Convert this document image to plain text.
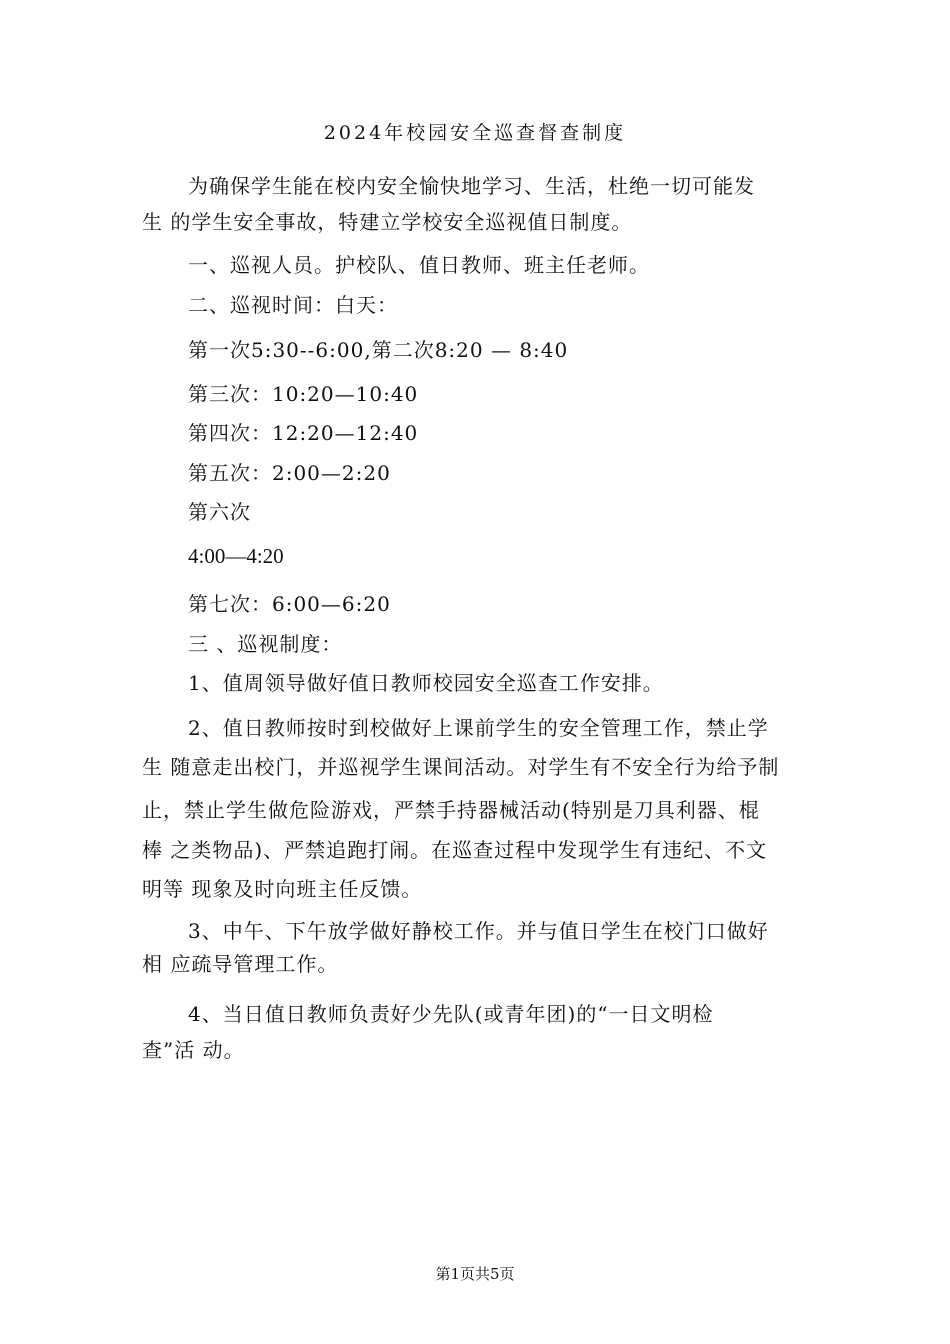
2024年校园安全巡查督查制度
为确保学生能在校内安全愉快地学习、生活，杜绝一切可能发
生 的学生安全事故，特建立学校安全巡视值日制度。
一、巡视人员。护校队、值日教师、班主任老师。
二、巡视时间：白天：
第一次5:30--6:00,第二次8:20 — 8:40
第三次：10:20—10:40
第四次：12:20—12:40
第五次：2:00—2:20
第六次
4:00—4:20
第七次：6:00—6:20
三 、巡视制度：
1、值周领导做好值日教师校园安全巡查工作安排。
2、值日教师按时到校做好上课前学生的安全管理工作，禁止学
生 随意走出校门，并巡视学生课间活动。对学生有不安全行为给予制
止，禁止学生做危险游戏，严禁手持器械活动(特别是刀具利器、棍
棒 之类物品)、严禁追跑打闹。在巡查过程中发现学生有违纪、不文
明等 现象及时向班主任反馈。
3、中午、下午放学做好静校工作。并与值日学生在校门口做好
相 应疏导管理工作。
4、当日值日教师负责好少先队(或青年团)的“一日文明检
查”活 动。
第1页共5页
